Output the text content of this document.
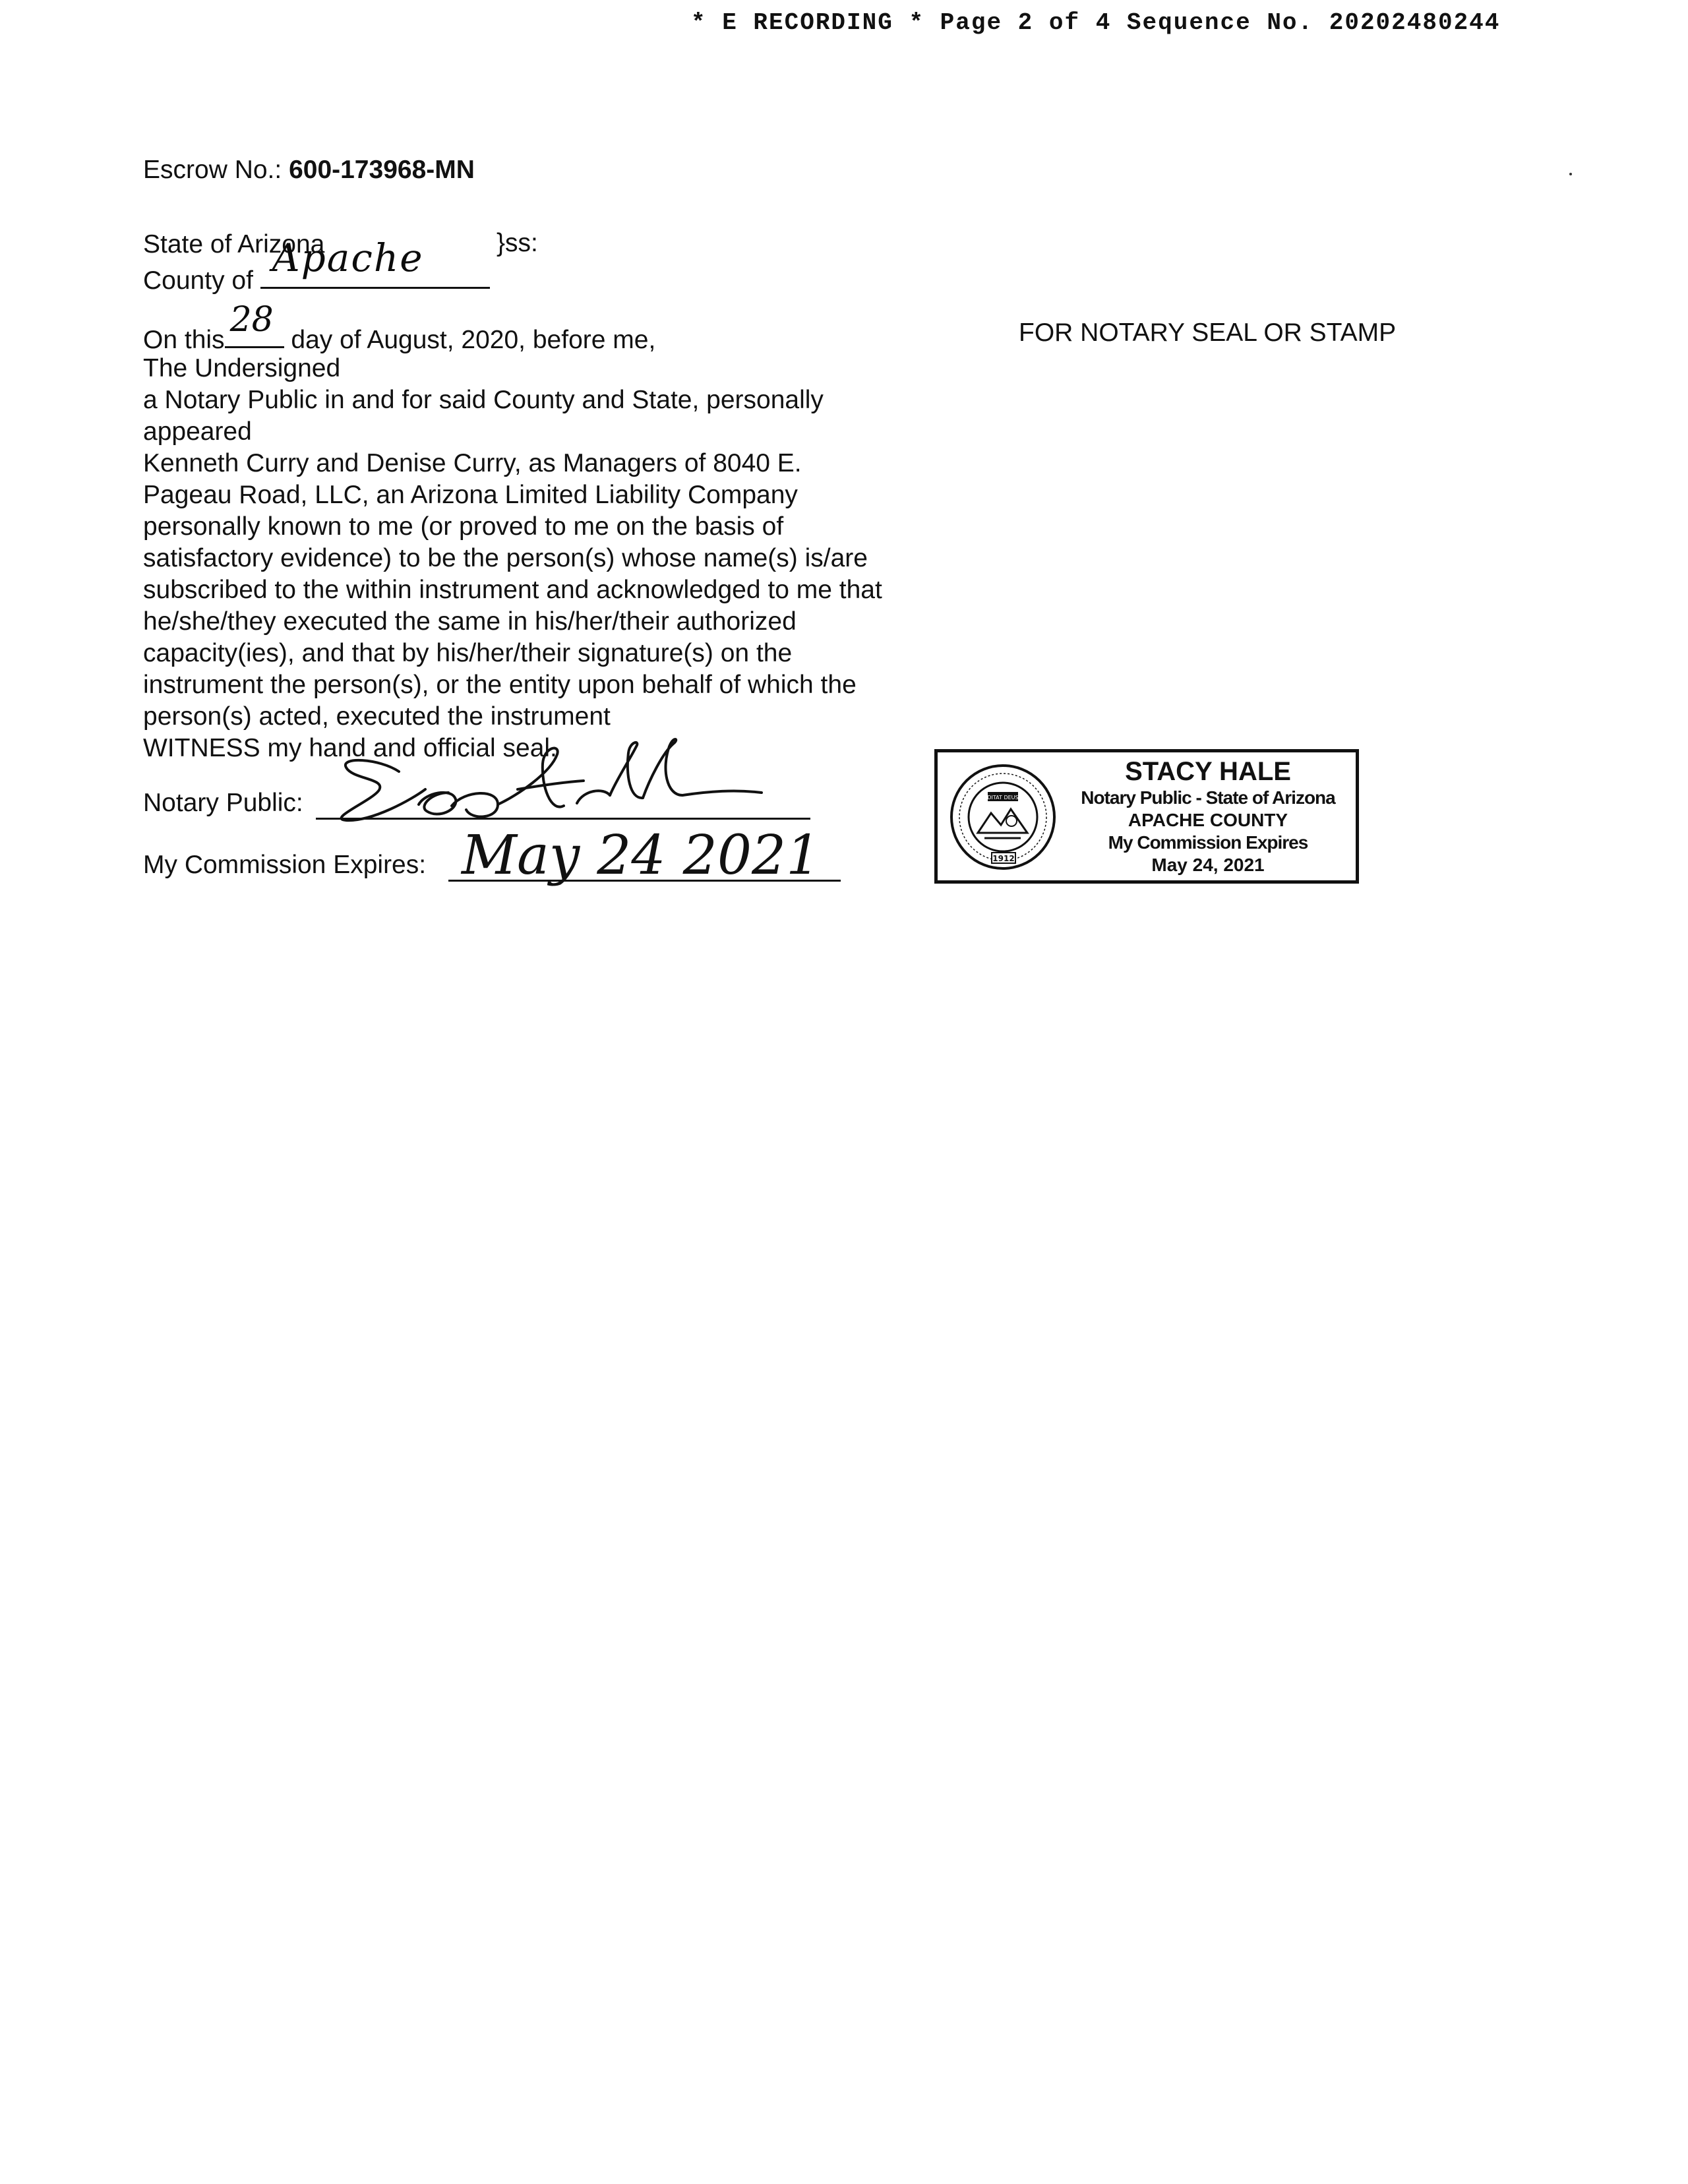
* E RECORDING * Page 2 of 4 Sequence No. 20202480244
Escrow No.: 600-173968-MN
State of Arizona	}ss:
County of
Apache
On this
28
day of August, 2020, before me,
The Undersigned
a Notary Public in and for said County and State, personally
appeared
Kenneth Curry and Denise Curry, as Managers of 8040 E.
Pageau Road, LLC, an Arizona Limited Liability Company
personally known to me (or proved to me on the basis of
satisfactory evidence) to be the person(s) whose name(s) is/are
subscribed to the within instrument and acknowledged to me that
he/she/they executed the same in his/her/their authorized
capacity(ies), and that by his/her/their signature(s) on the
instrument the person(s), or the entity upon behalf of which the
person(s) acted, executed the instrument
WITNESS my hand and official seal.
FOR NOTARY SEAL OR STAMP
Notary Public:
My Commission Expires: May 24 2021	1912
DITAT DEUS
STACY HALE
Notary Public - State of Arizona
APACHE COUNTY
My Commission Expires
May 24, 2021
